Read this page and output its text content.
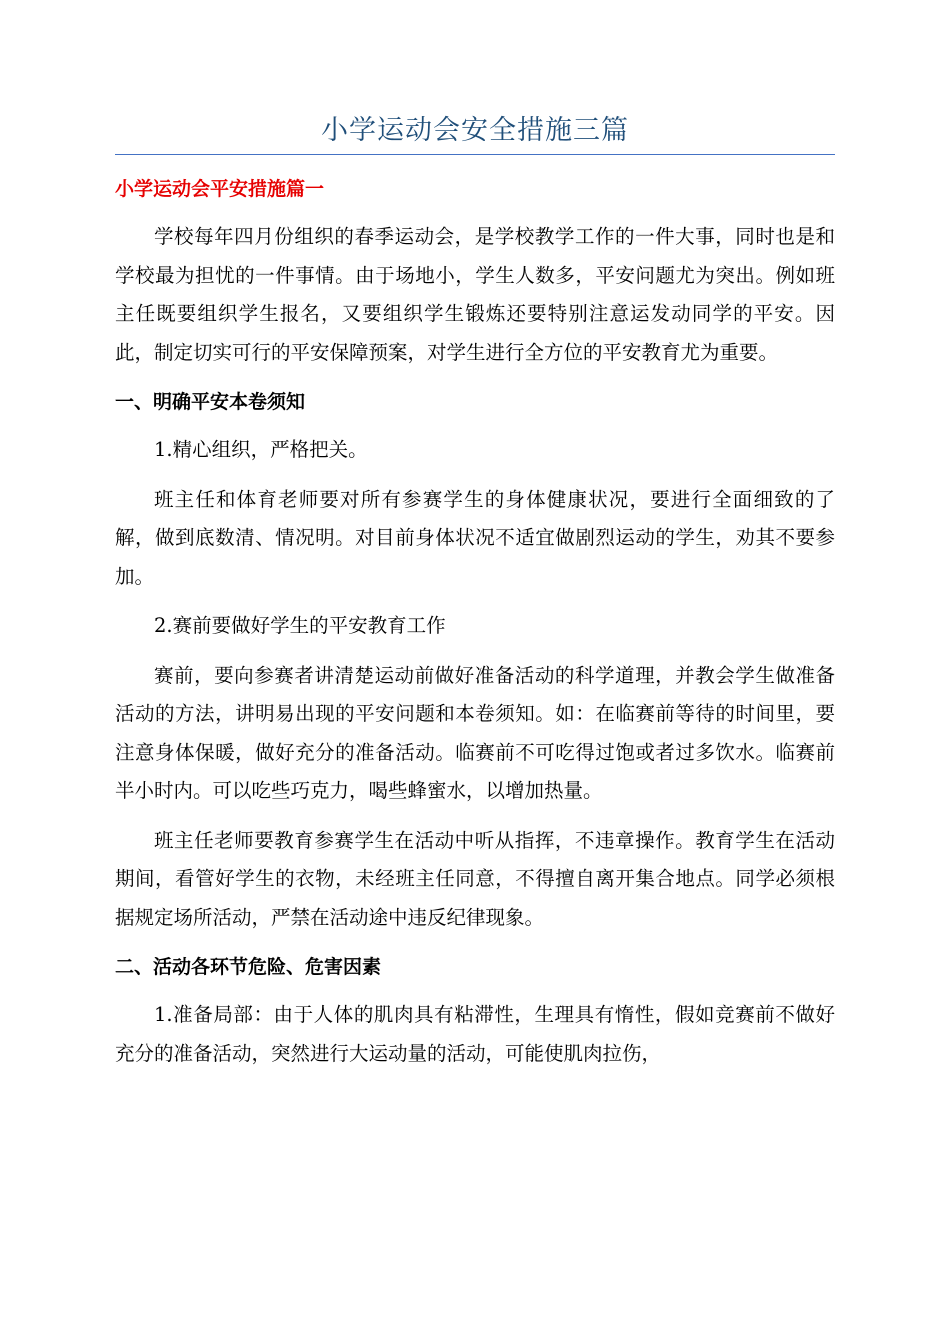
小学运动会安全措施三篇
小学运动会平安措施篇一

学校每年四月份组织的春季运动会，是学校教学工作的一件大事，同时也是和学校最为担忧的一件事情。由于场地小，学生人数多，平安问题尤为突出。例如班主任既要组织学生报名，又要组织学生锻炼还要特别注意运发动同学的平安。因此，制定切实可行的平安保障预案，对学生进行全方位的平安教育尤为重要。

一、明确平安本卷须知

1.精心组织，严格把关。

班主任和体育老师要对所有参赛学生的身体健康状况，要进行全面细致的了解，做到底数清、情况明。对目前身体状况不适宜做剧烈运动的学生，劝其不要参加。

2.赛前要做好学生的平安教育工作

赛前，要向参赛者讲清楚运动前做好准备活动的科学道理，并教会学生做准备活动的方法，讲明易出现的平安问题和本卷须知。如：在临赛前等待的时间里，要注意身体保暖，做好充分的准备活动。临赛前不可吃得过饱或者过多饮水。临赛前半小时内。可以吃些巧克力，喝些蜂蜜水，以增加热量。

班主任老师要教育参赛学生在活动中听从指挥，不违章操作。教育学生在活动期间，看管好学生的衣物，未经班主任同意，不得擅自离开集合地点。同学必须根据规定场所活动，严禁在活动途中违反纪律现象。

二、活动各环节危险、危害因素

1.准备局部：由于人体的肌肉具有粘滞性，生理具有惰性，假如竞赛前不做好充分的准备活动，突然进行大运动量的活动，可能使肌肉拉伤，
